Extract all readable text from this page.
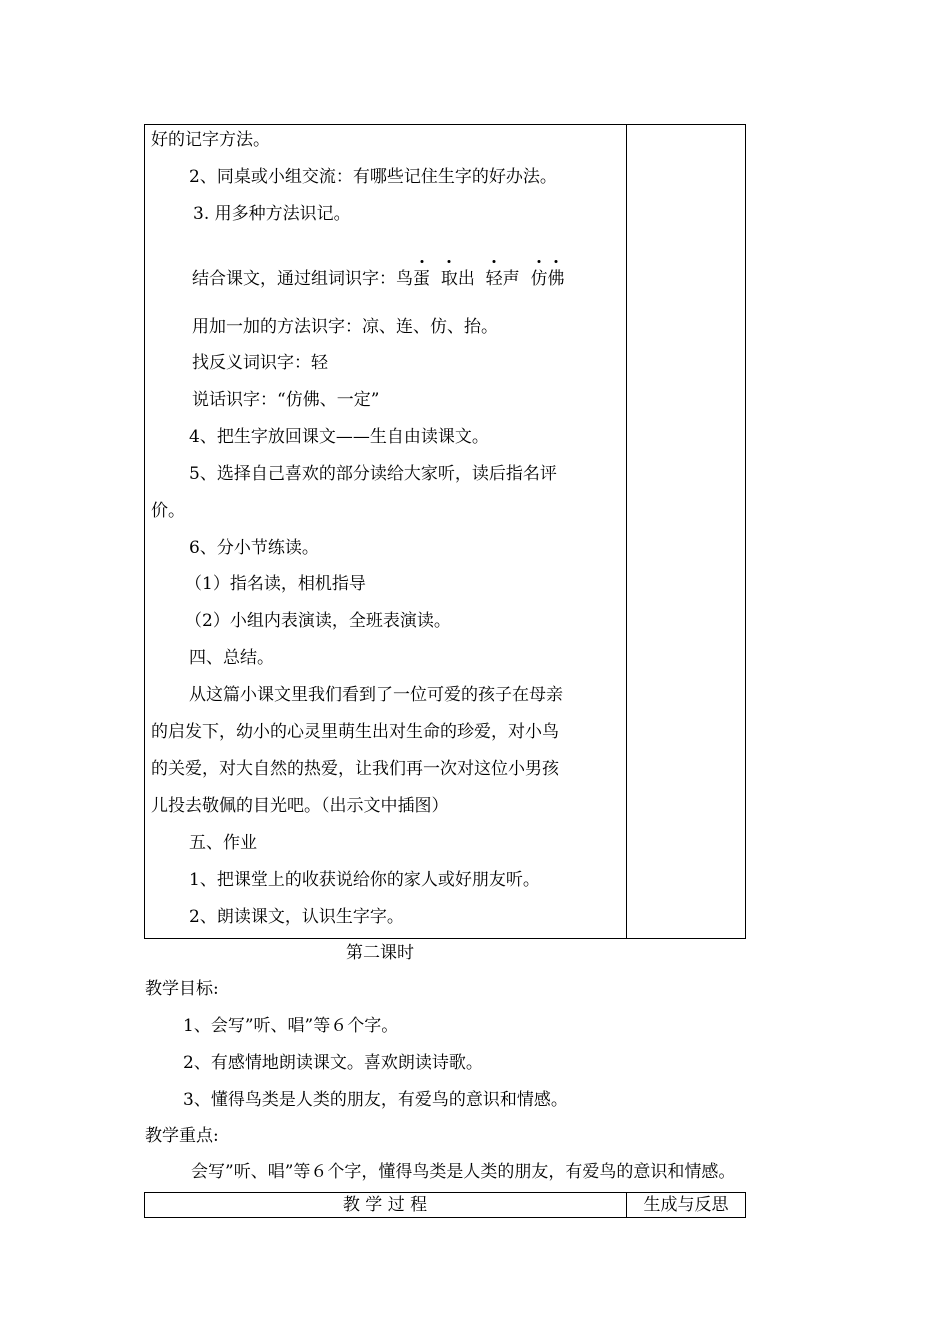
好的记字方法。
2、同桌或小组交流：有哪些记住生字的好办法。
3. 用多种方法识记。
结合课文，通过组词识字：鸟蛋 取出 轻声 仿佛
用加一加的方法识字：凉、连、仿、抬。
找反义词识字：轻
说话识字：“仿佛、一定”
4、把生字放回课文——生自由读课文。
5、选择自己喜欢的部分读给大家听，读后指名评
价。
6、分小节练读。
（1）指名读，相机指导
（2）小组内表演读，全班表演读。
四、总结。
从这篇小课文里我们看到了一位可爱的孩子在母亲
的启发下，幼小的心灵里萌生出对生命的珍爱，对小鸟
的关爱，对大自然的热爱，让我们再一次对这位小男孩
儿投去敬佩的目光吧。（出示文中插图）
五、作业
1、把课堂上的收获说给你的家人或好朋友听。
2、朗读课文，认识生字字。
第二课时
教学目标:
1、会写”听、唱”等６个字。
2、有感情地朗读课文。喜欢朗读诗歌。
3、懂得鸟类是人类的朋友，有爱鸟的意识和情感。
教学重点:
会写”听、唱”等６个字，懂得鸟类是人类的朋友，有爱鸟的意识和情感。
教 学 过 程	生成与反思
